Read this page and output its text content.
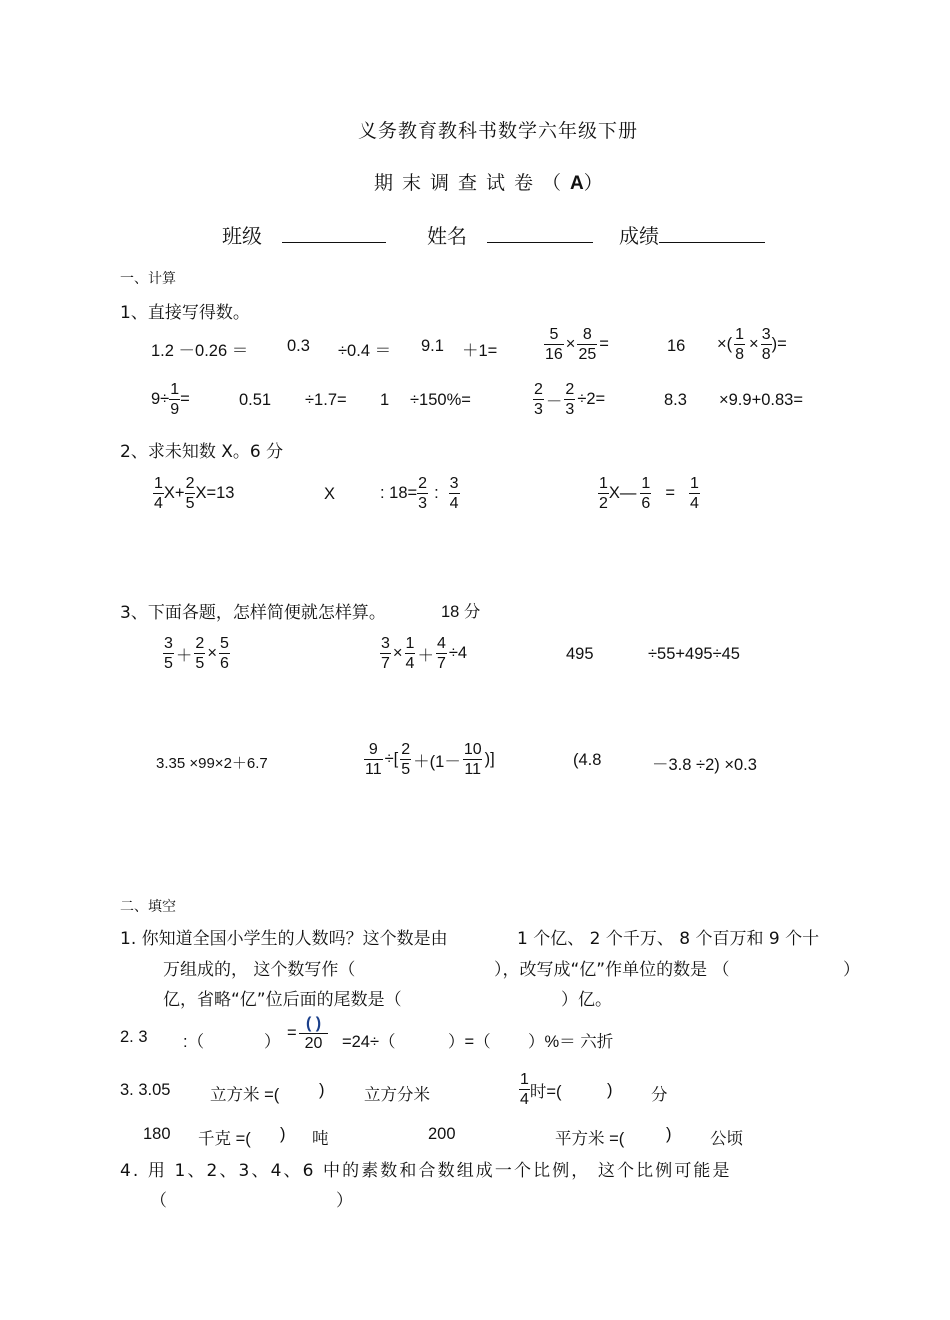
义务教育教科书数学六年级下册
期末调查试卷（A）
班级	姓名	成绩
一、计算
1、直接写得数。
1.2 －0.26 ＝ 0.3 ÷0.4 ＝ 9.1 ＋1=	$\frac{5}{16} \times \frac{8}{25}$ =	16 ×( $\frac{1}{8} \times \frac{3}{8}$ )=
$9\div \frac{1}{9}$ =	0.51 ÷1.7= 1 ÷150%=	$\frac{2}{3} - \frac{2}{3} \div 2=$	8.3 ×9.9+0.83=
2、求未知数 X。6 分
$\frac{1}{4} X+ \frac{2}{5} X=13$	X	: $18= \frac{2}{3}$ : $\frac{3}{4}$	$\frac{1}{2}$ X— $\frac{1}{6} = \frac{1}{4}$
3、下面各题，怎样简便就怎样算。	18 分
$\frac{3}{5} + \frac{2}{5} \times \frac{5}{6}$	$\frac{3}{7} \times \frac{1}{4} + \frac{4}{7} \div 4$	495	÷55+495÷45
3.35 ×99×2＋6.7	$\frac{9}{11}$ ÷[ $\frac{2}{5} +(1- \frac{10}{11}$ )]	(4.8	－3.8 ÷2) ×0.3
二、填空
1. 你知道全国小学生的人数吗？这个数是由	1 个亿、 2 个千万、 8 个百万和 9 个十
万组成的， 这个数写作（	），改写成“亿”作单位的数是 （	）
亿，省略“亿”位后面的尾数是（	）亿。
2. 3 :（	） =
( )
20	=24÷（	）=（ ）%＝ 六折
3. 3.05 立方米 =( ) 立方分米	$\frac{1}{4}$ 时=(	) 分
180 千克 =( ) 吨	200	平方米 =(	) 公顷
4. 用 1、2、3、4、6 中的素数和合数组成一个比例， 这个比例可能是
（	）
